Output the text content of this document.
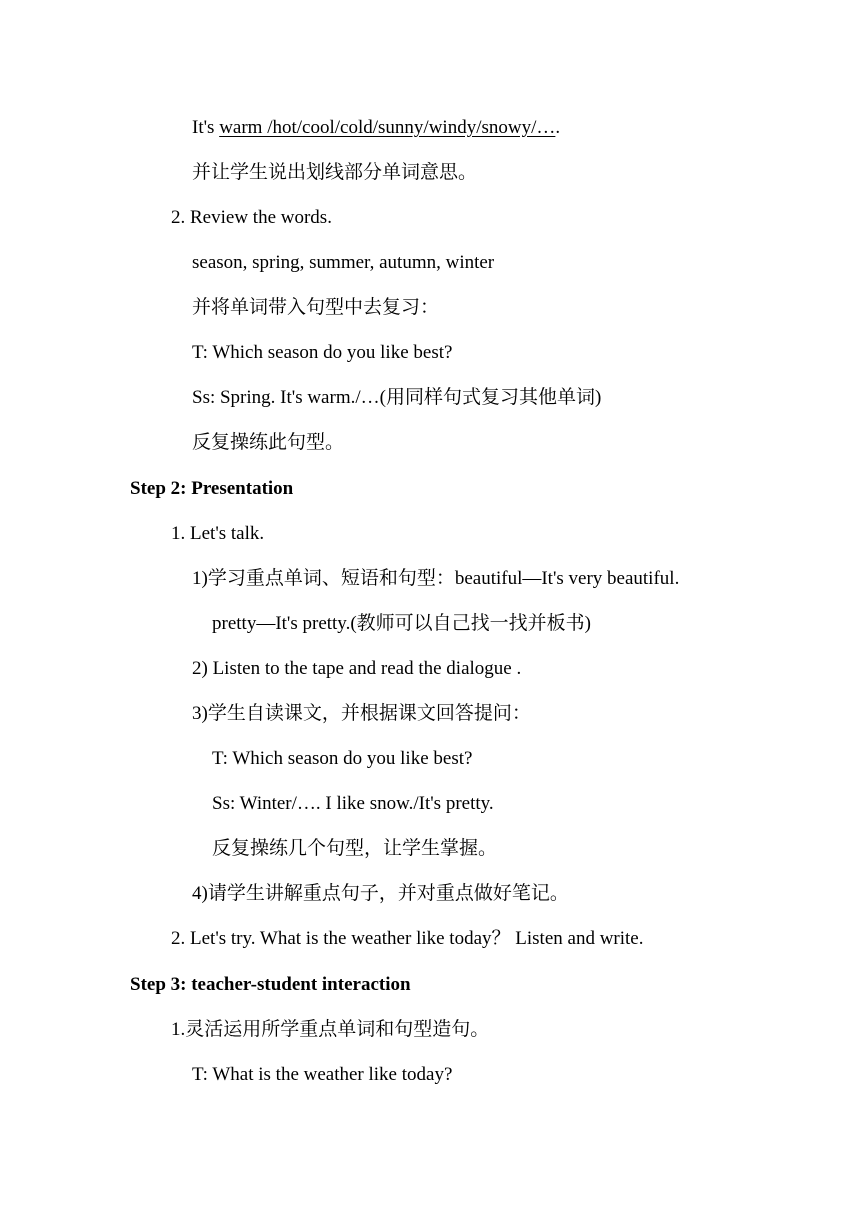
It's warm /hot/cool/cold/sunny/windy/snowy/….
并让学生说出划线部分单词意思。
2. Review the words.
season, spring, summer, autumn, winter
并将单词带入句型中去复习：
T: Which season do you like best?
Ss: Spring. It's warm./…(用同样句式复习其他单词)
反复操练此句型。
Step 2: Presentation
1. Let's talk.
1)学习重点单词、短语和句型：beautiful—It's very beautiful.
pretty—It's pretty.(教师可以自己找一找并板书)
2) Listen to the tape and read the dialogue .
3)学生自读课文，并根据课文回答提问：
T: Which season do you like best?
Ss: Winter/…. I like snow./It's pretty.
反复操练几个句型，让学生掌握。
4)请学生讲解重点句子，并对重点做好笔记。
2. Let's try. What is the weather like today？ Listen and write.
Step 3: teacher-student interaction
1.灵活运用所学重点单词和句型造句。
T: What is the weather like today?
